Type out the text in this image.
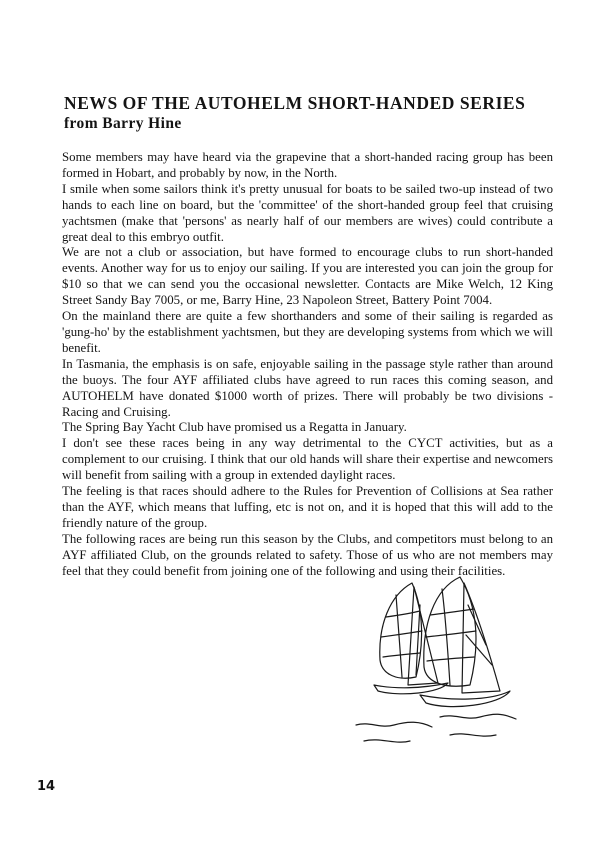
NEWS OF THE AUTOHELM SHORT-HANDED SERIES
from Barry Hine

Some members may have heard via the grapevine that a short-handed racing group has been formed in Hobart, and probably by now, in the North.

I smile when some sailors think it's pretty unusual for boats to be sailed two-up instead of two hands to each line on board, but the 'committee' of the short-handed group feel that cruising yachtsmen (make that 'persons' as nearly half of our members are wives) could contribute a great deal to this embryo outfit.

We are not a club or association, but have formed to encourage clubs to run short-handed events. Another way for us to enjoy our sailing. If you are interested you can join the group for $10 so that we can send you the occasional newsletter. Contacts are Mike Welch, 12 King Street Sandy Bay 7005, or me, Barry Hine, 23 Napoleon Street, Battery Point 7004.

On the mainland there are quite a few shorthanders and some of their sailing is regarded as 'gung-ho' by the establishment yachtsmen, but they are developing systems from which we will benefit.

In Tasmania, the emphasis is on safe, enjoyable sailing in the passage style rather than around the buoys. The four AYF affiliated clubs have agreed to run races this coming season, and AUTOHELM have donated $1000 worth of prizes. There will probably be two divisions - Racing and Cruising.

The Spring Bay Yacht Club have promised us a Regatta in January.

I don't see these races being in any way detrimental to the CYCT activities, but as a complement to our cruising. I think that our old hands will share their expertise and newcomers will benefit from sailing with a group in extended daylight races.

The feeling is that races should adhere to the Rules for Prevention of Collisions at Sea rather than the AYF, which means that luffing, etc is not on, and it is hoped that this will add to the friendly nature of the group.

The following races are being run this season by the Clubs, and competitors must belong to an AYF affiliated Club, on the grounds related to safety. Those of us who are not members may feel that they could benefit from joining one of the following and using their facilities.

14
